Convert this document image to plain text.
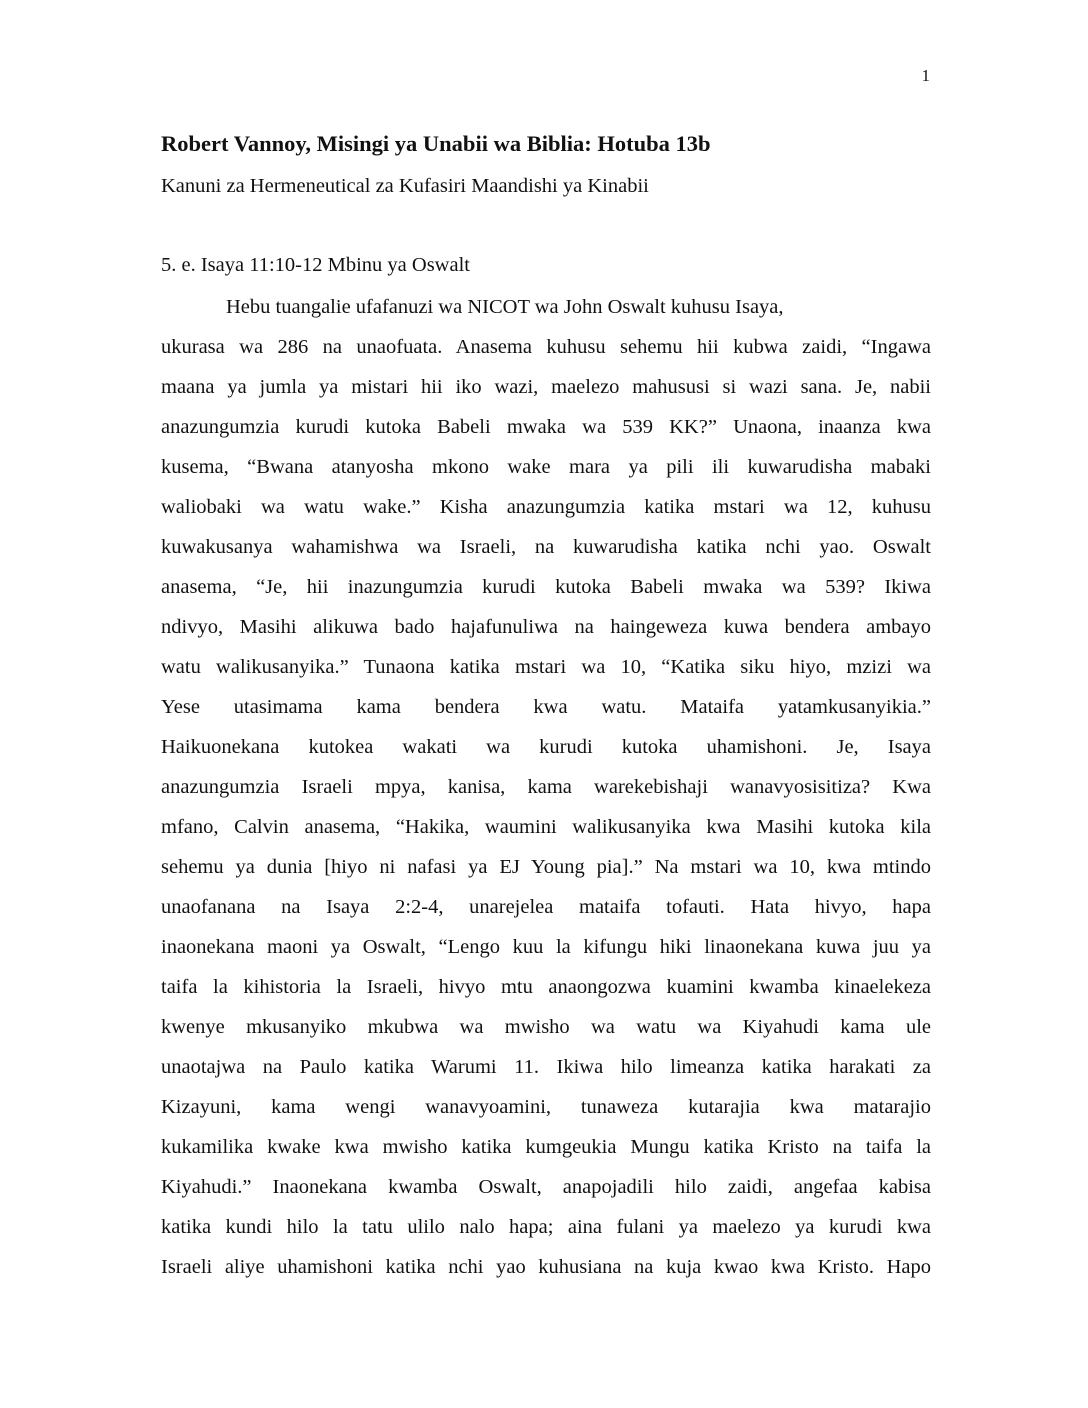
1
Robert Vannoy, Misingi ya Unabii wa Biblia: Hotuba 13b
Kanuni za Hermeneutical za Kufasiri Maandishi ya Kinabii
5. e. Isaya 11:10-12 Mbinu ya Oswalt
Hebu tuangalie ufafanuzi wa NICOT wa John Oswalt kuhusu Isaya,
ukurasa wa 286 na unaofuata. Anasema kuhusu sehemu hii kubwa zaidi, “Ingawa
maana ya jumla ya mistari hii iko wazi, maelezo mahususi si wazi sana. Je, nabii
anazungumzia kurudi kutoka Babeli mwaka wa 539 KK?” Unaona, inaanza kwa
kusema, “Bwana atanyosha mkono wake mara ya pili ili kuwarudisha mabaki
waliobaki wa watu wake.” Kisha anazungumzia katika mstari wa 12, kuhusu
kuwakusanya wahamishwa wa Israeli, na kuwarudisha katika nchi yao. Oswalt
anasema, “Je, hii inazungumzia kurudi kutoka Babeli mwaka wa 539? Ikiwa
ndivyo, Masihi alikuwa bado hajafunuliwa na haingeweza kuwa bendera ambayo
watu walikusanyika.” Tunaona katika mstari wa 10, “Katika siku hiyo, mzizi wa
Yese utasimama kama bendera kwa watu. Mataifa yatamkusanyikia.”
Haikuonekana kutokea wakati wa kurudi kutoka uhamishoni. Je, Isaya
anazungumzia Israeli mpya, kanisa, kama warekebishaji wanavyosisitiza? Kwa
mfano, Calvin anasema, “Hakika, waumini walikusanyika kwa Masihi kutoka kila
sehemu ya dunia [hiyo ni nafasi ya EJ Young pia].” Na mstari wa 10, kwa mtindo
unaofanana na Isaya 2:2-4, unarejelea mataifa tofauti. Hata hivyo, hapa
inaonekana maoni ya Oswalt, “Lengo kuu la kifungu hiki linaonekana kuwa juu ya
taifa la kihistoria la Israeli, hivyo mtu anaongozwa kuamini kwamba kinaelekeza
kwenye mkusanyiko mkubwa wa mwisho wa watu wa Kiyahudi kama ule
unaotajwa na Paulo katika Warumi 11. Ikiwa hilo limeanza katika harakati za
Kizayuni, kama wengi wanavyoamini, tunaweza kutarajia kwa matarajio
kukamilika kwake kwa mwisho katika kumgeukia Mungu katika Kristo na taifa la
Kiyahudi.” Inaonekana kwamba Oswalt, anapojadili hilo zaidi, angefaa kabisa
katika kundi hilo la tatu ulilo nalo hapa; aina fulani ya maelezo ya kurudi kwa
Israeli aliye uhamishoni katika nchi yao kuhusiana na kuja kwao kwa Kristo. Hapo
